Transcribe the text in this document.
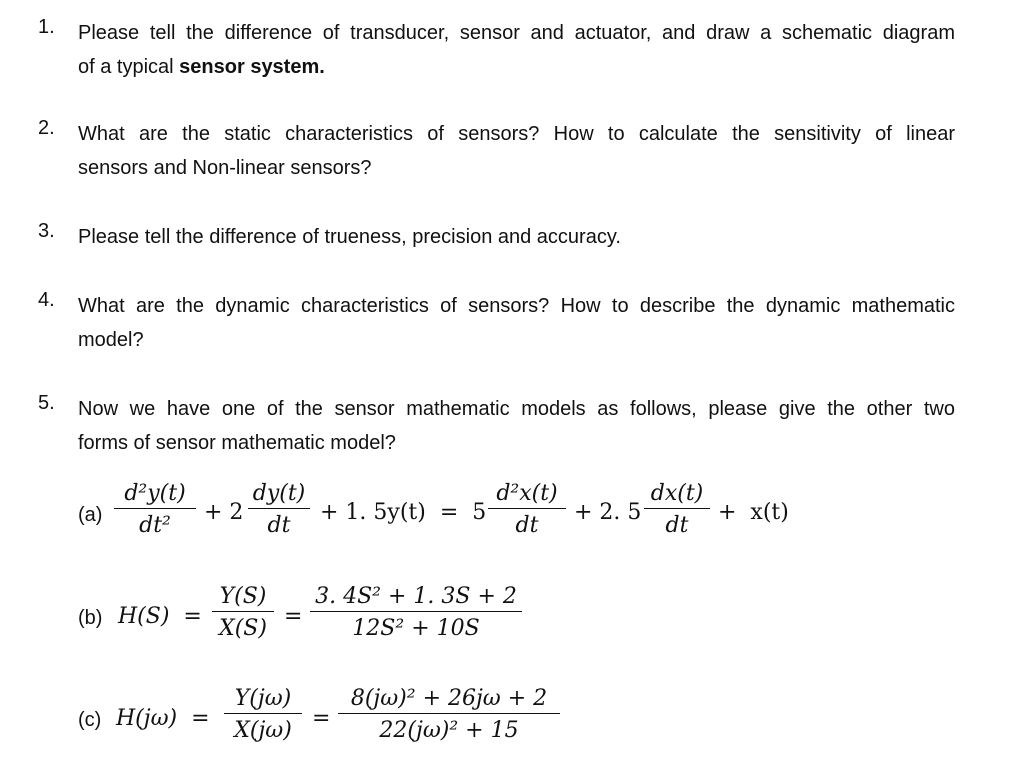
1.	Please tell the difference of transducer, sensor and actuator, and draw a schematic diagram
of a typical sensor system.
2.	What are the static characteristics of sensors? How to calculate the sensitivity of linear
sensors and Non-linear sensors?
3.	Please tell the difference of trueness, precision and accuracy.
4.	What are the dynamic characteristics of sensors? How to describe the dynamic mathematic
model?
5.	Now we have one of the sensor mathematic models as follows, please give the other two
forms of sensor mathematic model?
$(a) \frac{\text{d²y(t)}}{\text{dt²}} + 2 \frac{dy(t)}{dt} + 1$. $5y(t) = 5 \frac{\text{d²x(t)}}{dt} + 2$. $5 \frac{dx(t)}{dt} + x(t)$
(b) $H(S) = \frac{Y(S)}{X(S)} = \frac{\text{3. 4S² + 1. 3S + 2}}{\text{12S² + 10S}}$
(c) $H(j\omega) = \frac{Y(j\omega)}{X(j\omega)} = \frac{\text{8(jω)² + 26jω + 2}}{\text{22(jω)² + 15}}$
